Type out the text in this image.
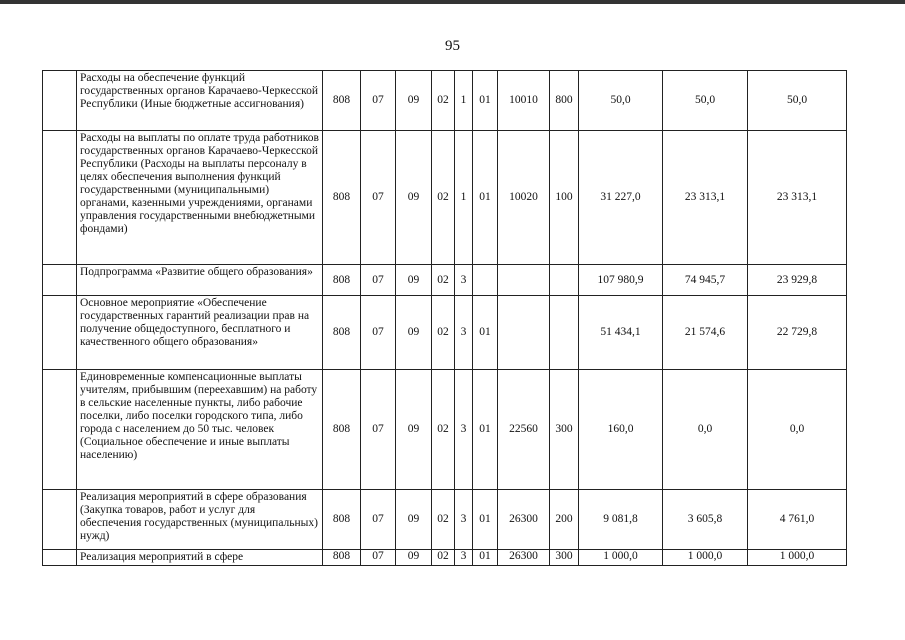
95
	Расходы на обеспечение функций государственных органов Карачаево-Черкесской Республики (Иные бюджетные ассигнования)	808	07	09	02	1	01	10010	800	50,0	50,0	50,0
	Расходы на выплаты по оплате труда работников государственных органов Карачаево-Черкесской Республики (Расходы на выплаты персоналу в целях обеспечения выполнения функций государственными (муниципальными) органами, казенными учреждениями, органами управления государственными внебюджетными фондами)	808	07	09	02	1	01	10020	100	31 227,0	23 313,1	23 313,1
	Подпрограмма «Развитие общего образования»	808	07	09	02	3				107 980,9	74 945,7	23 929,8
	Основное мероприятие «Обеспечение государственных гарантий реализации прав на получение общедоступного, бесплатного и качественного общего образования»	808	07	09	02	3	01			51 434,1	21 574,6	22 729,8
	Единовременные компенсационные выплаты учителям, прибывшим (переехавшим) на работу в сельские населенные пункты, либо рабочие поселки, либо поселки городского типа, либо города с населением до 50 тыс. человек (Социальное обеспечение и иные выплаты населению)	808	07	09	02	3	01	22560	300	160,0	0,0	0,0
	Реализация мероприятий в сфере образования (Закупка товаров, работ и услуг для обеспечения государственных (муниципальных) нужд)	808	07	09	02	3	01	26300	200	9 081,8	3 605,8	4 761,0
	Реализация мероприятий в сфере	808	07	09	02	3	01	26300	300	1 000,0	1 000,0	1 000,0
